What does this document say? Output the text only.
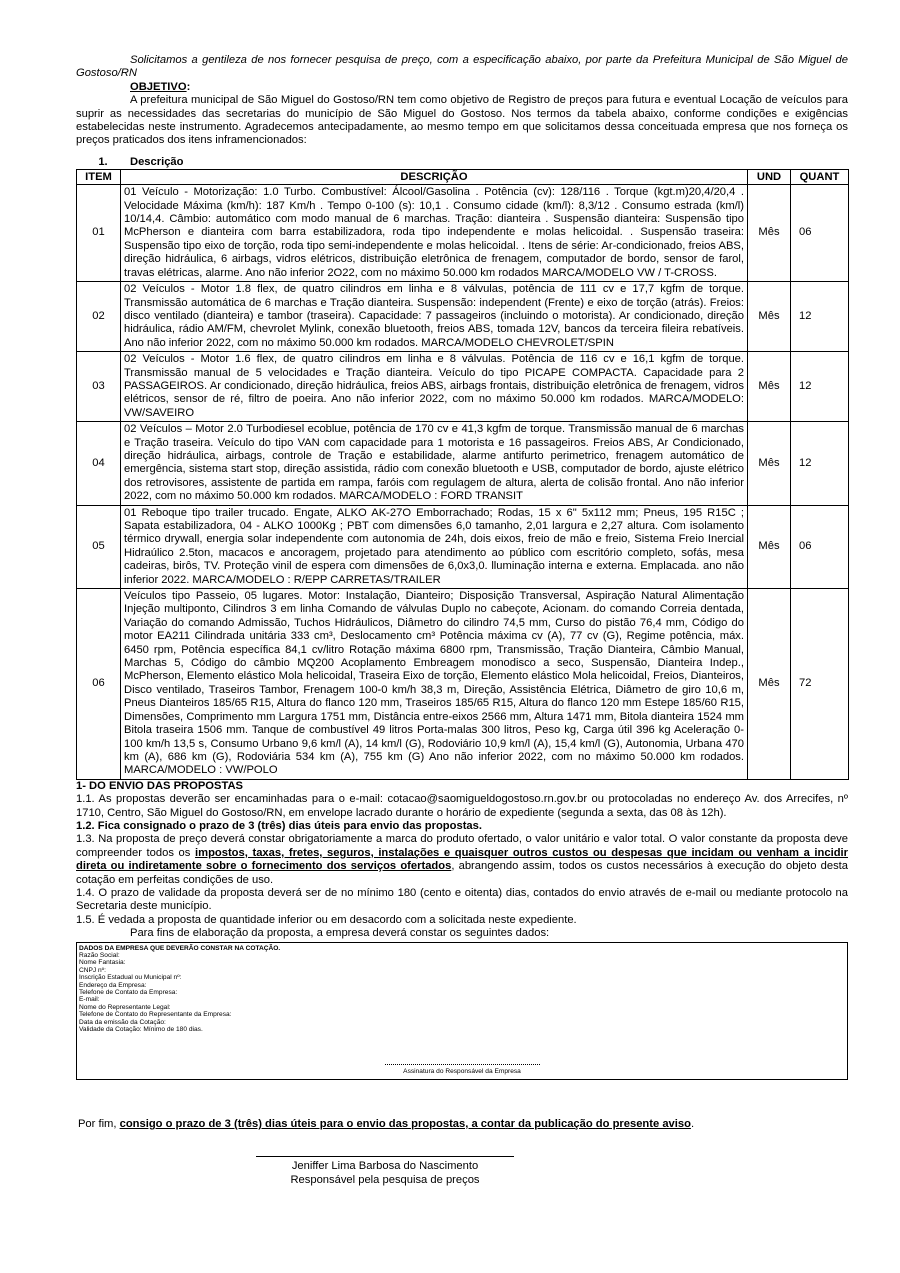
Solicitamos a gentileza de nos fornecer pesquisa de preço, com a especificação abaixo, por parte da Prefeitura Municipal de São Miguel de Gostoso/RN

OBJETIVO:

A prefeitura municipal de São Miguel do Gostoso/RN tem como objetivo de Registro de preços para futura e eventual Locação de veículos para suprir as necessidades das secretarias do município de São Miguel do Gostoso. Nos termos da tabela abaixo, conforme condições e exigências estabelecidas neste instrumento. Agradecemos antecipadamente, ao mesmo tempo em que solicitamos dessa conceituada empresa que nos forneça os preços praticados dos itens inframencionados:

1. Descrição
ITEM	DESCRIÇÃO	UND	QUANT
01	01 Veículo - Motorização: 1.0 Turbo. Combustível: Álcool/Gasolina . Potência (cv): 128/116 . Torque (kgt.m)20,4/20,4 . Velocidade Máxima (km/h): 187 Km/h . Tempo 0-100 (s): 10,1 . Consumo cidade (km/l): 8,3/12 . Consumo estrada (km/l) 10/14,4. Câmbio: automático com modo manual de 6 marchas. Tração: dianteira . Suspensão dianteira: Suspensão tipo McPherson e dianteira com barra estabilizadora, roda tipo independente e molas helicoidal. . Suspensão traseira: Suspensão tipo eixo de torção, roda tipo semi-independente e molas helicoidal. . Itens de série: Ar-condicionado, freios ABS, direção hidráulica, 6 airbags, vidros elétricos, distribuição eletrônica de frenagem, computador de bordo, sensor de farol, travas elétricas, alarme. Ano não inferior 2O22, com no máximo 50.000 km rodados MARCA/MODELO VW / T-CROSS.	Mês	06
02	02 Veículos - Motor 1.8 flex, de quatro cilindros em linha e 8 válvulas, potência de 111 cv e 17,7 kgfm de torque. Transmissão automática de 6 marchas e Tração dianteira. Suspensão: independent (Frente) e eixo de torção (atrás). Freios: disco ventilado (dianteira) e tambor (traseira). Capacidade: 7 passageiros (incluindo o motorista). Ar condicionado, direção hidráulica, rádio AM/FM, chevrolet Mylink, conexão bluetooth, freios ABS, tomada 12V, bancos da terceira fileira rebatíveis. Ano não inferior 2022, com no máximo 50.000 km rodados. MARCA/MODELO CHEVROLET/SPIN	Mês	12
03	02 Veículos - Motor 1.6 flex, de quatro cilindros em linha e 8 válvulas. Potência de 116 cv e 16,1 kgfm de torque. Transmissão manual de 5 velocidades e Tração dianteira. Veículo do tipo PICAPE COMPACTA. Capacidade para 2 PASSAGEIROS. Ar condicionado, direção hidráulica, freios ABS, airbags frontais, distribuição eletrônica de frenagem, vidros elétricos, sensor de ré, filtro de poeira. Ano não inferior 2022, com no máximo 50.000 km rodados. MARCA/MODELO: VW/SAVEIRO	Mês	12
04	02 Veículos – Motor 2.0 Turbodiesel ecoblue, potência de 170 cv e 41,3 kgfm de torque. Transmissão manual de 6 marchas e Tração traseira. Veículo do tipo VAN com capacidade para 1 motorista e 16 passageiros. Freios ABS, Ar Condicionado, direção hidráulica, airbags, controle de Tração e estabilidade, alarme antifurto perimetrico, frenagem automático de emergência, sistema start stop, direção assistida, rádio com conexão bluetooth e USB, computador de bordo, ajuste elétrico dos retrovisores, assistente de partida em rampa, faróis com regulagem de altura, alerta de colisão frontal. Ano não inferior 2022, com no máximo 50.000 km rodados. MARCA/MODELO : FORD TRANSIT	Mês	12
05	01 Reboque tipo trailer trucado. Engate, ALKO AK-27O Emborrachado; Rodas, 15 x 6" 5x112 mm; Pneus, 195 R15C ; Sapata estabilizadora, 04 - ALKO 1000Kg ; PBT com dimensões 6,0 tamanho, 2,01 largura e 2,27 altura. Com isolamento térmico drywall, energia solar independente com autonomia de 24h, dois eixos, freio de mão e freio, Sistema Freio Inercial Hidraúlico 2.5ton, macacos e ancoragem, projetado para atendimento ao público com escritório completo, sofás, mesa cadeiras, birôs, TV. Proteção vinil de espera com dimensões de 6,0x3,0. lluminação interna e externa. Emplacada. ano não inferior 2022. MARCA/MODELO : R/EPP CARRETAS/TRAILER	Mês	06
06	Veículos tipo Passeio, 05 lugares. Motor: Instalação, Dianteiro; Disposição Transversal, Aspiração Natural Alimentação Injeção multiponto, Cilindros 3 em linha Comando de válvulas Duplo no cabeçote, Acionam. do comando Correia dentada, Variação do comando Admissão, Tuchos Hidráulicos, Diâmetro do cilindro 74,5 mm, Curso do pistão 76,4 mm, Código do motor EA211 Cilindrada unitária 333 cm³, Deslocamento cm³ Potência máxima cv (A), 77 cv (G), Regime potência, máx. 6450 rpm, Potência específica 84,1 cv/litro Rotação máxima 6800 rpm, Transmissão, Tração Dianteira, Câmbio Manual, Marchas 5, Código do câmbio MQ200 Acoplamento Embreagem monodisco a seco, Suspensão, Dianteira Indep., McPherson, Elemento elástico Mola helicoidal, Traseira Eixo de torção, Elemento elástico Mola helicoidal, Freios, Dianteiros, Disco ventilado, Traseiros Tambor, Frenagem 100-0 km/h 38,3 m, Direção, Assistência Elétrica, Diâmetro de giro 10,6 m, Pneus Dianteiros 185/65 R15, Altura do flanco 120 mm, Traseiros 185/65 R15, Altura do flanco 120 mm Estepe 185/60 R15, Dimensões, Comprimento mm Largura 1751 mm, Distância entre-eixos 2566 mm, Altura 1471 mm, Bitola dianteira 1524 mm Bitola traseira 1506 mm. Tanque de combustível 49 litros Porta-malas 300 litros, Peso kg, Carga útil 396 kg Aceleração 0-100 km/h 13,5 s, Consumo Urbano 9,6 km/l (A), 14 km/l (G), Rodoviário 10,9 km/l (A), 15,4 km/l (G), Autonomia, Urbana 470 km (A), 686 km (G), Rodoviária 534 km (A), 755 km (G) Ano não inferior 2022, com no máximo 50.000 km rodados. MARCA/MODELO : VW/POLO	Mês	72

1- DO ENVIO DAS PROPOSTAS

1.1. As propostas deverão ser encaminhadas para o e-mail: cotacao@saomigueldogostoso.rn.gov.br ou protocoladas no endereço Av. dos Arrecifes, nº 1710, Centro, São Miguel do Gostoso/RN, em envelope lacrado durante o horário de expediente (segunda a sexta, das 08 às 12h).

1.2. Fica consignado o prazo de 3 (três) dias úteis para envio das propostas.

1.3. Na proposta de preço deverá constar obrigatoriamente a marca do produto ofertado, o valor unitário e valor total. O valor constante da proposta deve compreender todos os impostos, taxas, fretes, seguros, instalações e quaisquer outros custos ou despesas que incidam ou venham a incidir direta ou indiretamente sobre o fornecimento dos serviços ofertados, abrangendo assim, todos os custos necessários à execução do objeto desta cotação em perfeitas condições de uso.

1.4. O prazo de validade da proposta deverá ser de no mínimo 180 (cento e oitenta) dias, contados do envio através de e-mail ou mediante protocolo na Secretaria deste município.

1.5. É vedada a proposta de quantidade inferior ou em desacordo com a solicitada neste expediente.

Para fins de elaboração da proposta, a empresa deverá constar os seguintes dados:

DADOS DA EMPRESA QUE DEVERÃO CONSTAR NA COTAÇÃO.
Razão Social:
Nome Fantasia:
CNPJ nº:
Inscrição Estadual ou Municipal nº:
Endereço da Empresa:
Telefone de Contato da Empresa:
E-mail:
Nome do Representante Legal:
Telefone de Contato do Representante da Empresa:
Data da emissão da Cotação:
Validade da Cotação: Mínimo de 180 dias.
Assinatura do Responsável da Empresa
Por fim, consigo o prazo de 3 (três) dias úteis para o envio das propostas, a contar da publicação do presente aviso.
Jeniffer Lima Barbosa do Nascimento
Responsável pela pesquisa de preços
